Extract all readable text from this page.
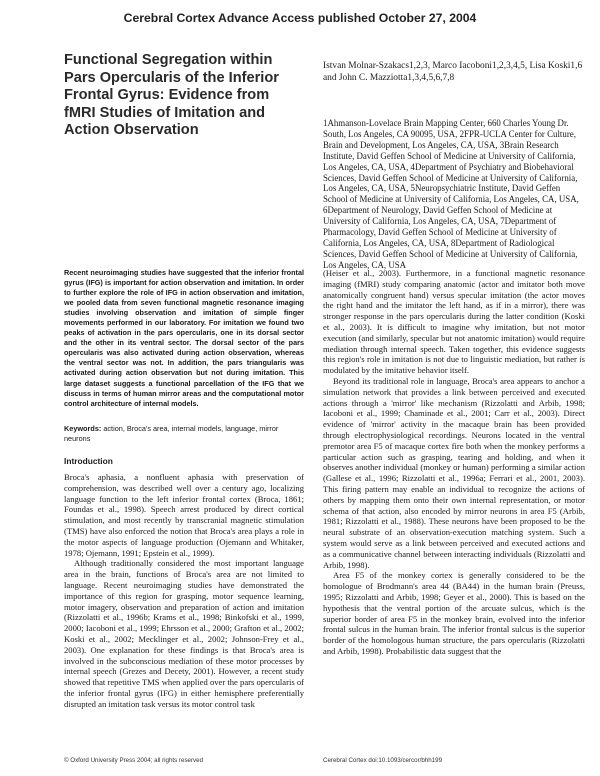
Cerebral Cortex Advance Access published October 27, 2004
Functional Segregation within Pars Opercularis of the Inferior Frontal Gyrus: Evidence from fMRI Studies of Imitation and Action Observation
Istvan Molnar-Szakacs1,2,3, Marco Iacoboni1,2,3,4,5, Lisa Koski1,6 and John C. Mazziotta1,3,4,5,6,7,8
1Ahmanson-Lovelace Brain Mapping Center, 660 Charles Young Dr. South, Los Angeles, CA 90095, USA, 2FPR-UCLA Center for Culture, Brain and Development, Los Angeles, CA, USA, 3Brain Research Institute, David Geffen School of Medicine at University of California, Los Angeles, CA, USA, 4Department of Psychiatry and Biobehavioral Sciences, David Geffen School of Medicine at University of California, Los Angeles, CA, USA, 5Neuropsychiatric Institute, David Geffen School of Medicine at University of California, Los Angeles, CA, USA, 6Department of Neurology, David Geffen School of Medicine at University of California, Los Angeles, CA, USA, 7Department of Pharmacology, David Geffen School of Medicine at University of California, Los Angeles, CA, USA, 8Department of Radiological Sciences, David Geffen School of Medicine at University of California, Los Angeles, CA, USA

Recent neuroimaging studies have suggested that the inferior frontal gyrus (IFG) is important for action observation and imitation. In order to further explore the role of IFG in action observation and imitation, we pooled data from seven functional magnetic resonance imaging studies involving observation and imitation of simple finger movements performed in our laboratory. For imitation we found two peaks of activation in the pars opercularis, one in its dorsal sector and the other in its ventral sector. The dorsal sector of the pars opercularis was also activated during action observation, whereas the ventral sector was not. In addition, the pars triangularis was activated during action observation but not during imitation. This large dataset suggests a functional parcellation of the IFG that we discuss in terms of human mirror areas and the computational motor control architecture of internal models.

Keywords: action, Broca's area, internal models, language, mirror neurons
Introduction

Broca's aphasia, a nonfluent aphasia with preservation of comprehension, was described well over a century ago, localizing language function to the left inferior frontal cortex (Broca, 1861; Foundas et al., 1998). Speech arrest produced by direct cortical stimulation, and most recently by transcranial magnetic stimulation (TMS) have also enforced the notion that Broca's area plays a role in the motor aspects of language production (Ojemann and Whitaker, 1978; Ojemann, 1991; Epstein et al., 1999).

Although traditionally considered the most important language area in the brain, functions of Broca's area are not limited to language. Recent neuroimaging studies have demonstrated the importance of this region for grasping, motor sequence learning, motor imagery, observation and preparation of action and imitation (Rizzolatti et al., 1996b; Krams et al., 1998; Binkofski et al., 1999, 2000; Iacoboni et al., 1999; Ehrsson et al., 2000; Grafton et al., 2002; Koski et al., 2002; Mecklinger et al., 2002; Johnson-Frey et al., 2003). One explanation for these findings is that Broca's area is involved in the subconscious mediation of these motor processes by internal speech (Grezes and Decety, 2001). However, a recent study showed that repetitive TMS when applied over the pars opercularis of the inferior frontal gyrus (IFG) in either hemisphere preferentially disrupted an imitation task versus its motor control task

(Heiser et al., 2003). Furthermore, in a functional magnetic resonance imaging (fMRI) study comparing anatomic (actor and imitator both move anatomically congruent hand) versus specular imitation (the actor moves the right hand and the imitator the left hand, as if in a mirror), there was stronger response in the pars opercularis during the latter condition (Koski et al., 2003). It is difficult to imagine why imitation, but not motor execution (and similarly, specular but not anatomic imitation) would require mediation through internal speech. Taken together, this evidence suggests this region's role in imitation is not due to linguistic mediation, but rather is modulated by the imitative behavior itself.

Beyond its traditional role in language, Broca's area appears to anchor a simulation network that provides a link between perceived and executed actions through a 'mirror' like mechanism (Rizzolatti and Arbib, 1998; Iacoboni et al., 1999; Chaminade et al., 2001; Carr et al., 2003). Direct evidence of 'mirror' activity in the macaque brain has been provided through electrophysiological recordings. Neurons located in the ventral premotor area F5 of macaque cortex fire both when the monkey performs a particular action such as grasping, tearing and holding, and when it observes another individual (monkey or human) performing a similar action (Gallese et al., 1996; Rizzolatti et al., 1996a; Ferrari et al., 2001, 2003). This firing pattern may enable an individual to recognize the actions of others by mapping them onto their own internal representation, or motor schema of that action, also encoded by mirror neurons in area F5 (Arbib, 1981; Rizzolatti et al., 1988). These neurons have been proposed to be the neural substrate of an observation-execution matching system. Such a system would serve as a link between perceived and executed actions and as a communicative channel between interacting individuals (Rizzolatti and Arbib, 1998).

Area F5 of the monkey cortex is generally considered to be the homologue of Brodmann's area 44 (BA44) in the human brain (Preuss, 1995; Rizzolatti and Arbib, 1998; Geyer et al., 2000). This is based on the hypothesis that the ventral portion of the arcuate sulcus, which is the superior border of area F5 in the monkey brain, evolved into the inferior frontal sulcus in the human brain. The inferior frontal sulcus is the superior border of the homologous human structure, the pars opercularis (Rizzolatti and Arbib, 1998). Probabilistic data suggest that the

© Oxford University Press 2004; all rights reserved	Cerebral Cortex doi:10.1093/cercor/bhh199
